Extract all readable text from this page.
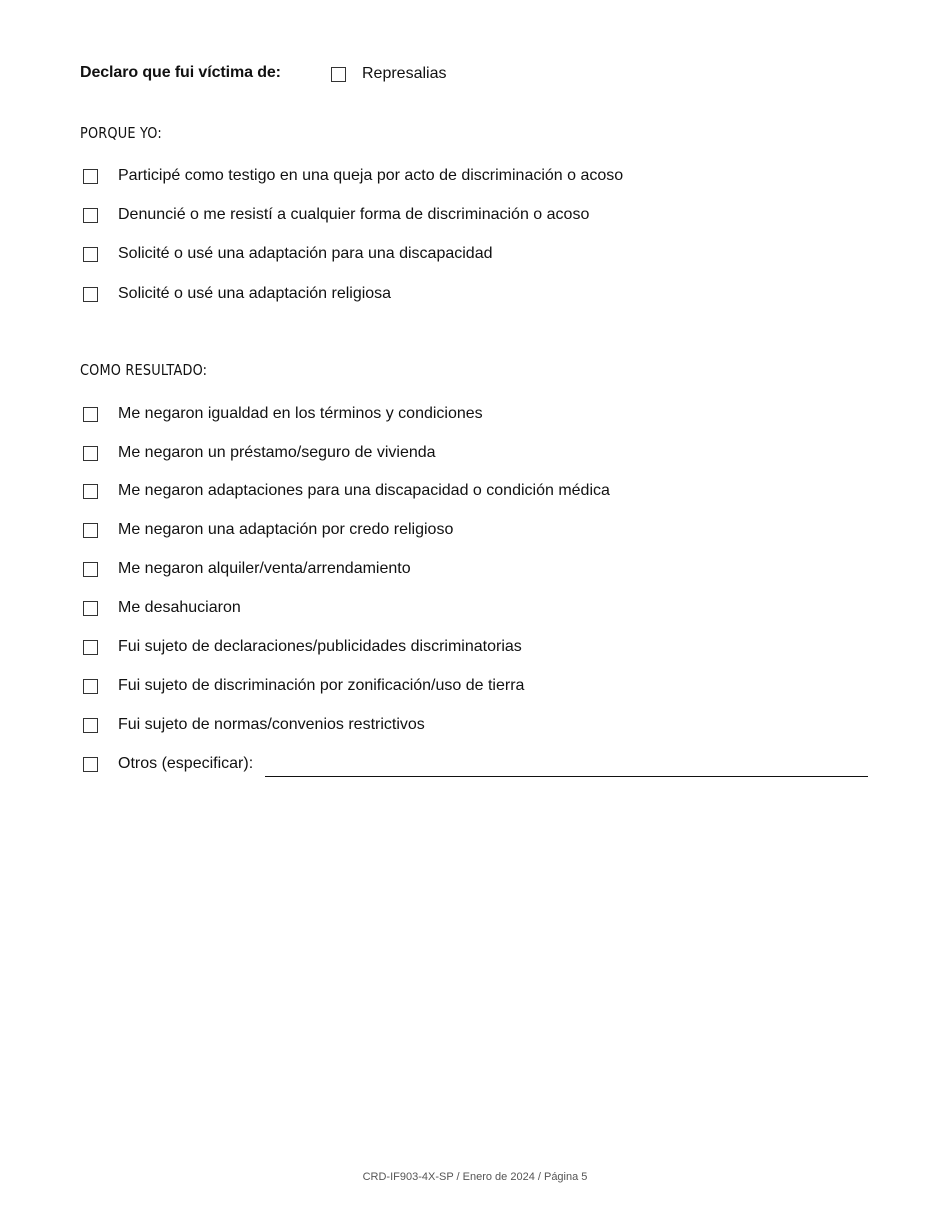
Declaro que fui víctima de:	Represalias
PORQUE YO:
Participé como testigo en una queja por acto de discriminación o acoso
Denuncié o me resistí a cualquier forma de discriminación o acoso
Solicité o usé una adaptación para una discapacidad
Solicité o usé una adaptación religiosa
COMO RESULTADO:
Me negaron igualdad en los términos y condiciones
Me negaron un préstamo/seguro de vivienda
Me negaron adaptaciones para una discapacidad o condición médica
Me negaron una adaptación por credo religioso
Me negaron alquiler/venta/arrendamiento
Me desahuciaron
Fui sujeto de declaraciones/publicidades discriminatorias
Fui sujeto de discriminación por zonificación/uso de tierra
Fui sujeto de normas/convenios restrictivos
Otros (especificar):
CRD-IF903-4X-SP / Enero de 2024 / Página 5
